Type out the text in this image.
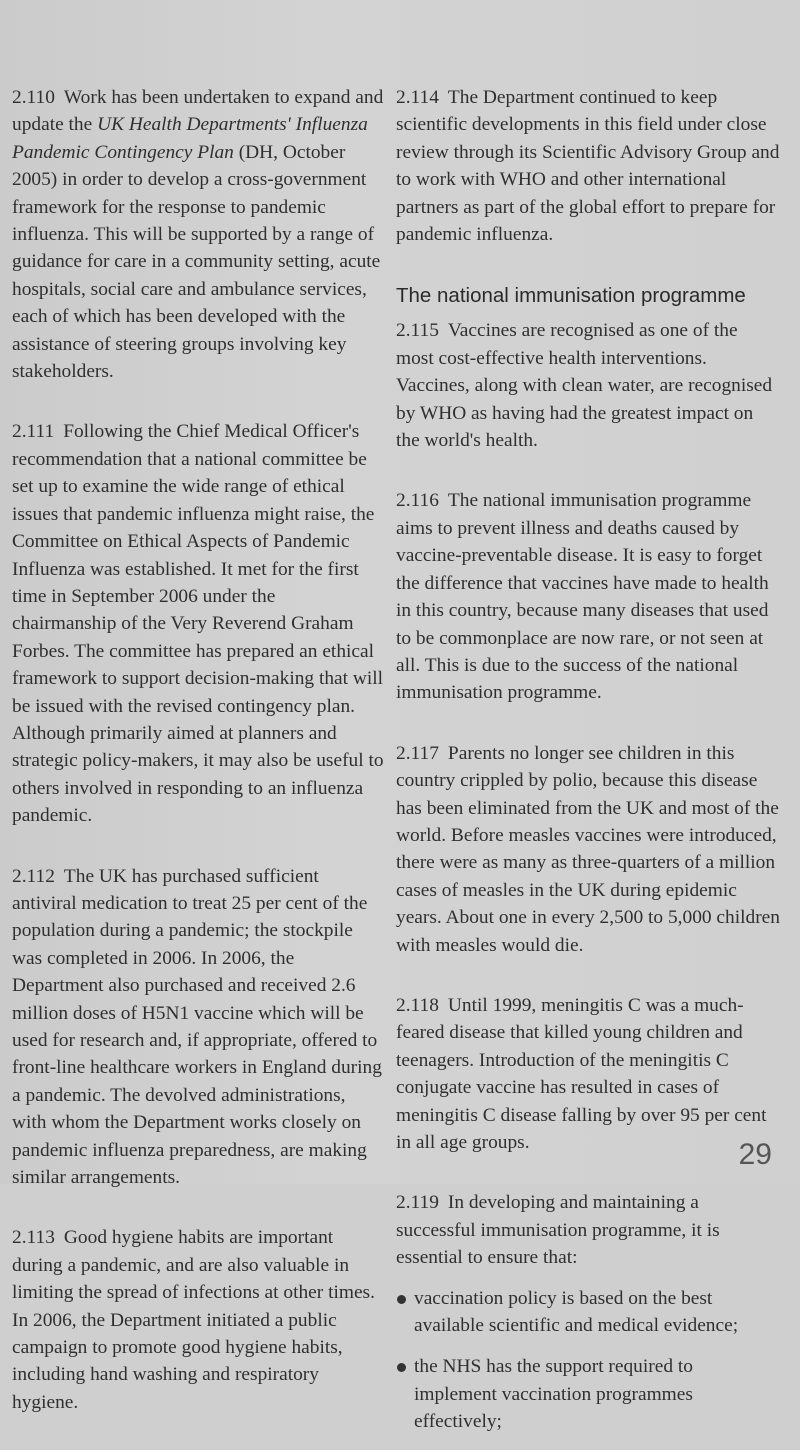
2.110 Work has been undertaken to expand and update the UK Health Departments' Influenza Pandemic Contingency Plan (DH, October 2005) in order to develop a cross-government framework for the response to pandemic influenza. This will be supported by a range of guidance for care in a community setting, acute hospitals, social care and ambulance services, each of which has been developed with the assistance of steering groups involving key stakeholders.

2.111 Following the Chief Medical Officer's recommendation that a national committee be set up to examine the wide range of ethical issues that pandemic influenza might raise, the Committee on Ethical Aspects of Pandemic Influenza was established. It met for the first time in September 2006 under the chairmanship of the Very Reverend Graham Forbes. The committee has prepared an ethical framework to support decision-making that will be issued with the revised contingency plan. Although primarily aimed at planners and strategic policy-makers, it may also be useful to others involved in responding to an influenza pandemic.

2.112 The UK has purchased sufficient antiviral medication to treat 25 per cent of the population during a pandemic; the stockpile was completed in 2006. In 2006, the Department also purchased and received 2.6 million doses of H5N1 vaccine which will be used for research and, if appropriate, offered to front-line healthcare workers in England during a pandemic. The devolved administrations, with whom the Department works closely on pandemic influenza preparedness, are making similar arrangements.

2.113 Good hygiene habits are important during a pandemic, and are also valuable in limiting the spread of infections at other times. In 2006, the Department initiated a public campaign to promote good hygiene habits, including hand washing and respiratory hygiene.

2.114 The Department continued to keep scientific developments in this field under close review through its Scientific Advisory Group and to work with WHO and other international partners as part of the global effort to prepare for pandemic influenza.

The national immunisation programme

2.115 Vaccines are recognised as one of the most cost-effective health interventions. Vaccines, along with clean water, are recognised by WHO as having had the greatest impact on the world's health.

2.116 The national immunisation programme aims to prevent illness and deaths caused by vaccine-preventable disease. It is easy to forget the difference that vaccines have made to health in this country, because many diseases that used to be commonplace are now rare, or not seen at all. This is due to the success of the national immunisation programme.

2.117 Parents no longer see children in this country crippled by polio, because this disease has been eliminated from the UK and most of the world. Before measles vaccines were introduced, there were as many as three-quarters of a million cases of measles in the UK during epidemic years. About one in every 2,500 to 5,000 children with measles would die.

2.118 Until 1999, meningitis C was a much-feared disease that killed young children and teenagers. Introduction of the meningitis C conjugate vaccine has resulted in cases of meningitis C disease falling by over 95 per cent in all age groups.

2.119 In developing and maintaining a successful immunisation programme, it is essential to ensure that:

vaccination policy is based on the best available scientific and medical evidence;
the NHS has the support required to implement vaccination programmes effectively;
29
